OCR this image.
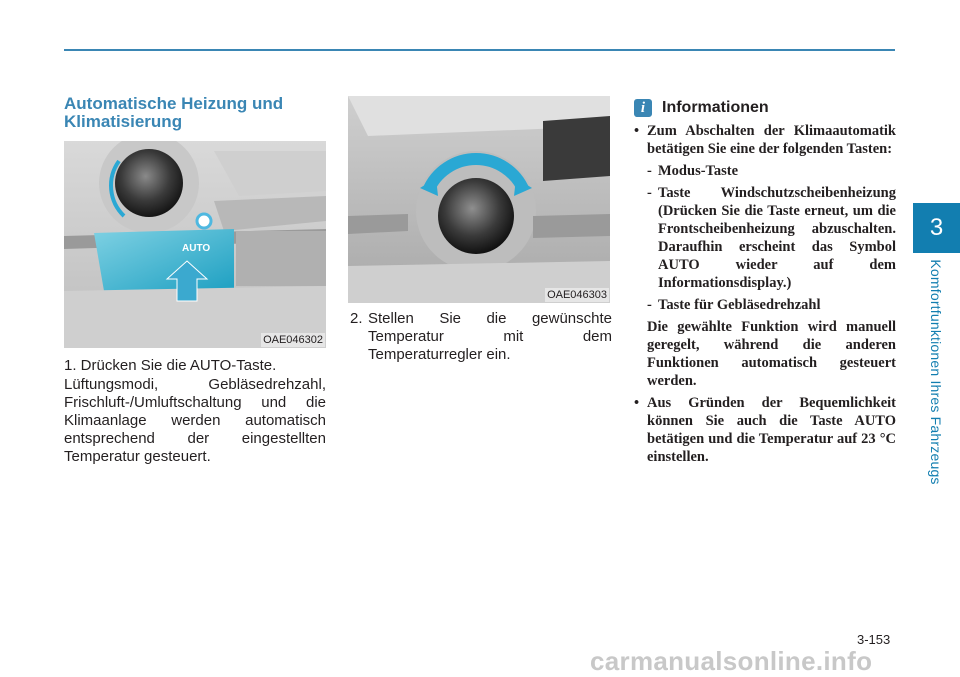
3
Komfortfunktionen Ihres Fahrzeugs
Automatische Heizung und Klimatisierung
AUTO
OAE046302
1. Drücken Sie die AUTO-Taste.
Lüftungsmodi, Gebläsedrehzahl, Frischluft-/Umluftschaltung und die Klimaanlage werden automatisch entsprechend der eingestellten Temperatur gesteuert.
OAE046303
2. Stellen Sie die gewünschte Temperatur mit dem Temperaturregler ein.
i	Informationen
• Zum Abschalten der Klimaautomatik betätigen Sie eine der folgenden Tasten:
- Modus-Taste
- Taste Windschutzscheibenheizung (Drücken Sie die Taste erneut, um die Frontscheibenheizung abzuschalten. Daraufhin erscheint das Symbol AUTO wieder auf dem Informationsdisplay.)
- Taste für Gebläsedrehzahl
Die gewählte Funktion wird manuell geregelt, während die anderen Funktionen automatisch gesteuert werden.
• Aus Gründen der Bequemlichkeit können Sie auch die Taste AUTO betätigen und die Temperatur auf 23 °C einstellen.
3-153
carmanualsonline.info
